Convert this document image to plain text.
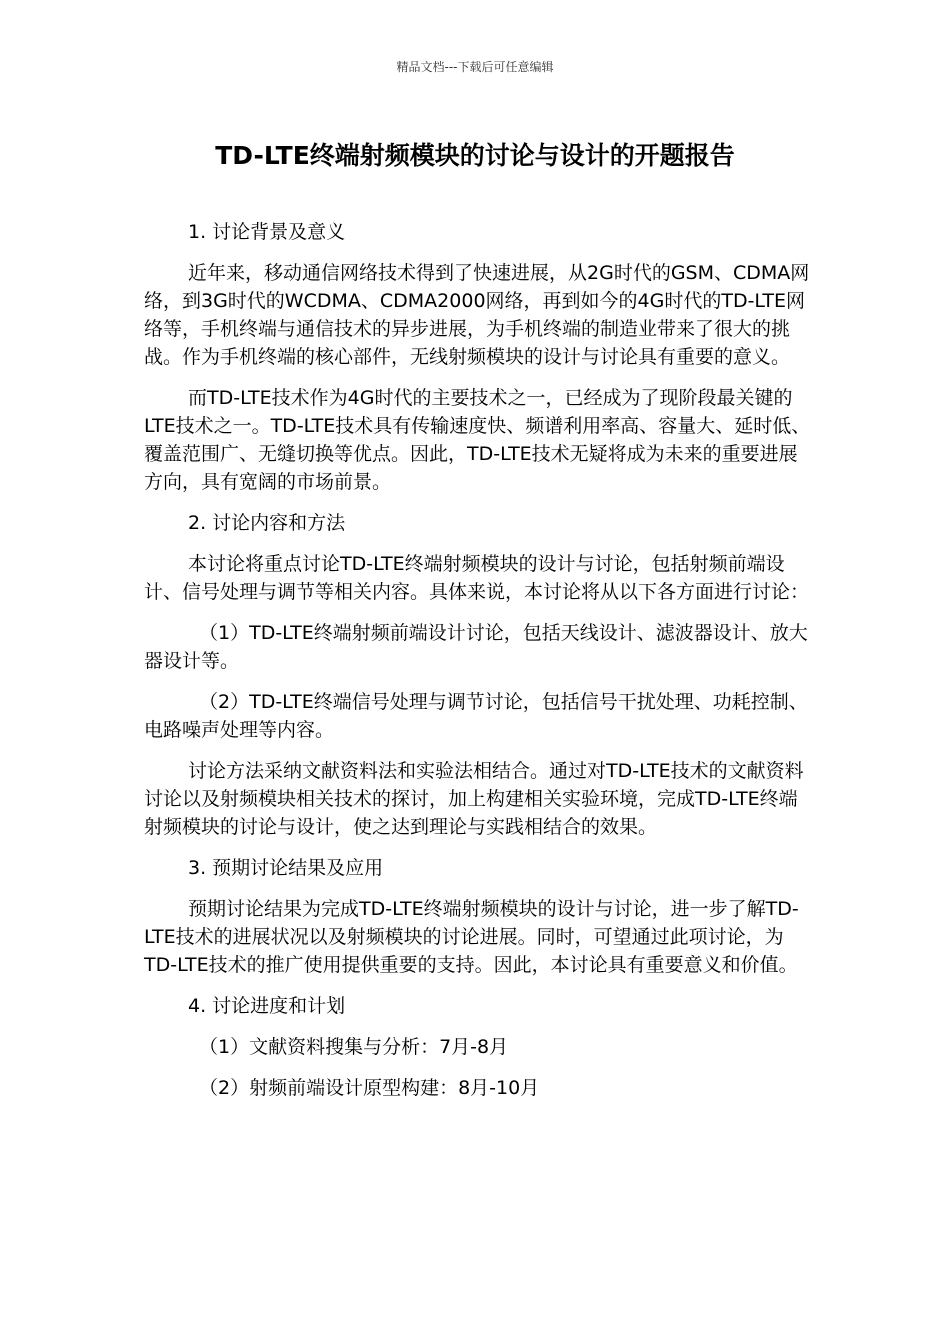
精品文档---下载后可任意编辑
TD-LTE终端射频模块的讨论与设计的开题报告
1. 讨论背景及意义
近年来，移动通信网络技术得到了快速进展，从2G时代的GSM、CDMA网络，到3G时代的WCDMA、CDMA2000网络，再到如今的4G时代的TD-LTE网络等，手机终端与通信技术的异步进展，为手机终端的制造业带来了很大的挑战。作为手机终端的核心部件，无线射频模块的设计与讨论具有重要的意义。
而TD-LTE技术作为4G时代的主要技术之一，已经成为了现阶段最关键的LTE技术之一。TD-LTE技术具有传输速度快、频谱利用率高、容量大、延时低、覆盖范围广、无缝切换等优点。因此，TD-LTE技术无疑将成为未来的重要进展方向，具有宽阔的市场前景。
2. 讨论内容和方法
本讨论将重点讨论TD-LTE终端射频模块的设计与讨论，包括射频前端设计、信号处理与调节等相关内容。具体来说，本讨论将从以下各方面进行讨论：
（1）TD-LTE终端射频前端设计讨论，包括天线设计、滤波器设计、放大器设计等。
（2）TD-LTE终端信号处理与调节讨论，包括信号干扰处理、功耗控制、电路噪声处理等内容。
讨论方法采纳文献资料法和实验法相结合。通过对TD-LTE技术的文献资料讨论以及射频模块相关技术的探讨，加上构建相关实验环境，完成TD-LTE终端射频模块的讨论与设计，使之达到理论与实践相结合的效果。
3. 预期讨论结果及应用
预期讨论结果为完成TD-LTE终端射频模块的设计与讨论，进一步了解TD-LTE技术的进展状况以及射频模块的讨论进展。同时，可望通过此项讨论，为TD-LTE技术的推广使用提供重要的支持。因此，本讨论具有重要意义和价值。
4. 讨论进度和计划
（1）文献资料搜集与分析：7月-8月
（2）射频前端设计原型构建：8月-10月
